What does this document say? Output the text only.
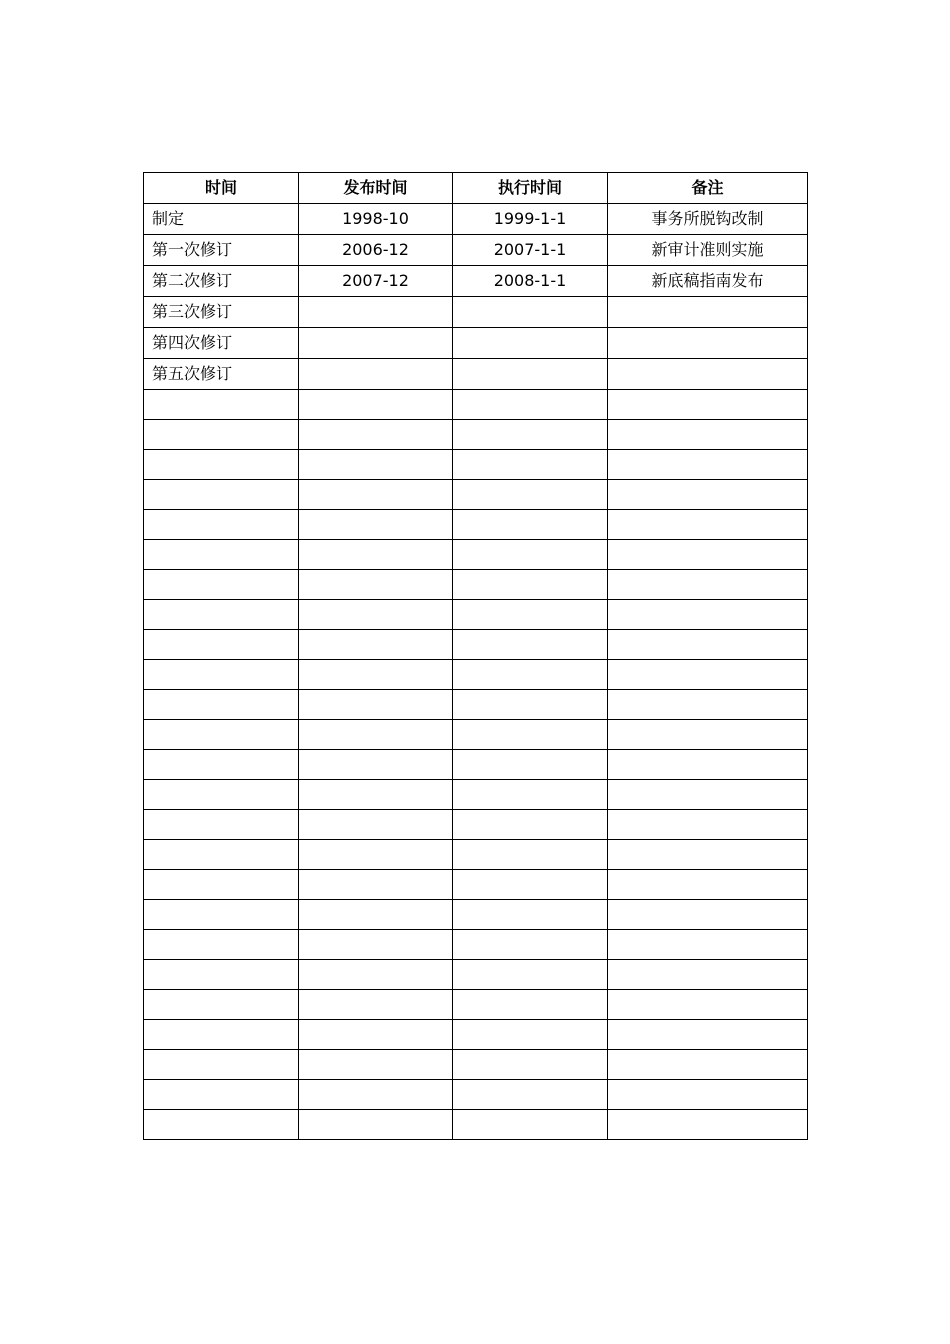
时间	发布时间	执行时间	备注
制定	1998-10	1999-1-1	事务所脱钩改制
第一次修订	2006-12	2007-1-1	新审计准则实施
第二次修订	2007-12	2008-1-1	新底稿指南发布
第三次修订			
第四次修订			
第五次修订			
